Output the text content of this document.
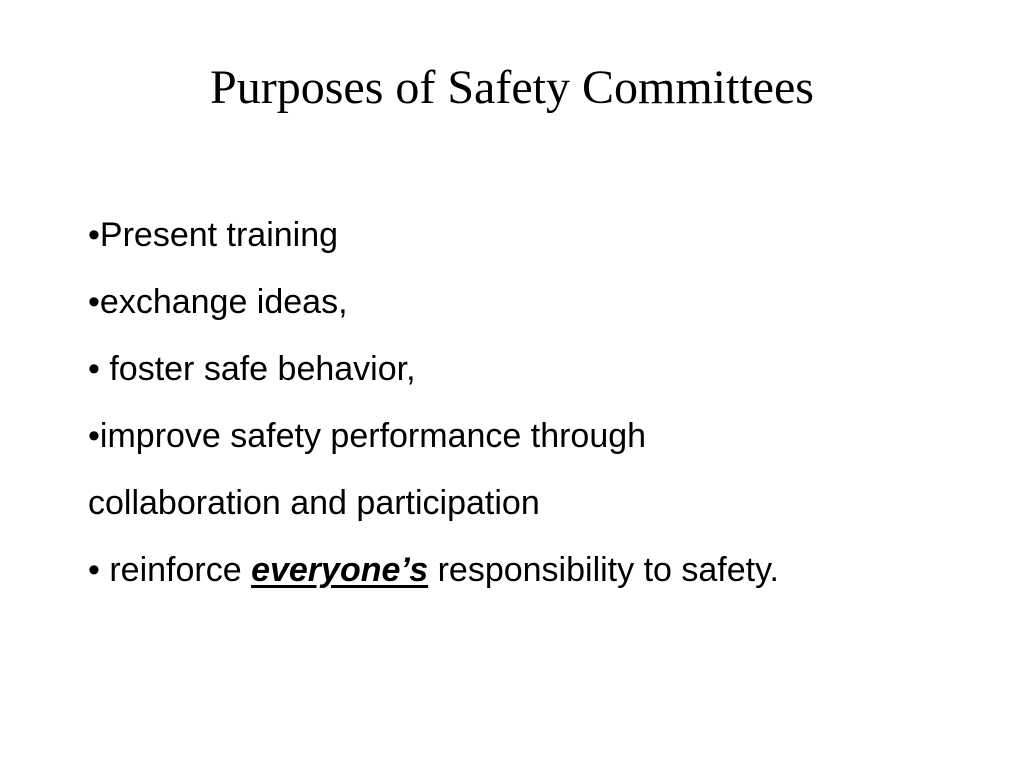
Purposes of Safety Committees
•Present training
•exchange ideas,
• foster safe behavior,
•improve safety performance through
collaboration and participation
• reinforce everyone’s responsibility to safety.
